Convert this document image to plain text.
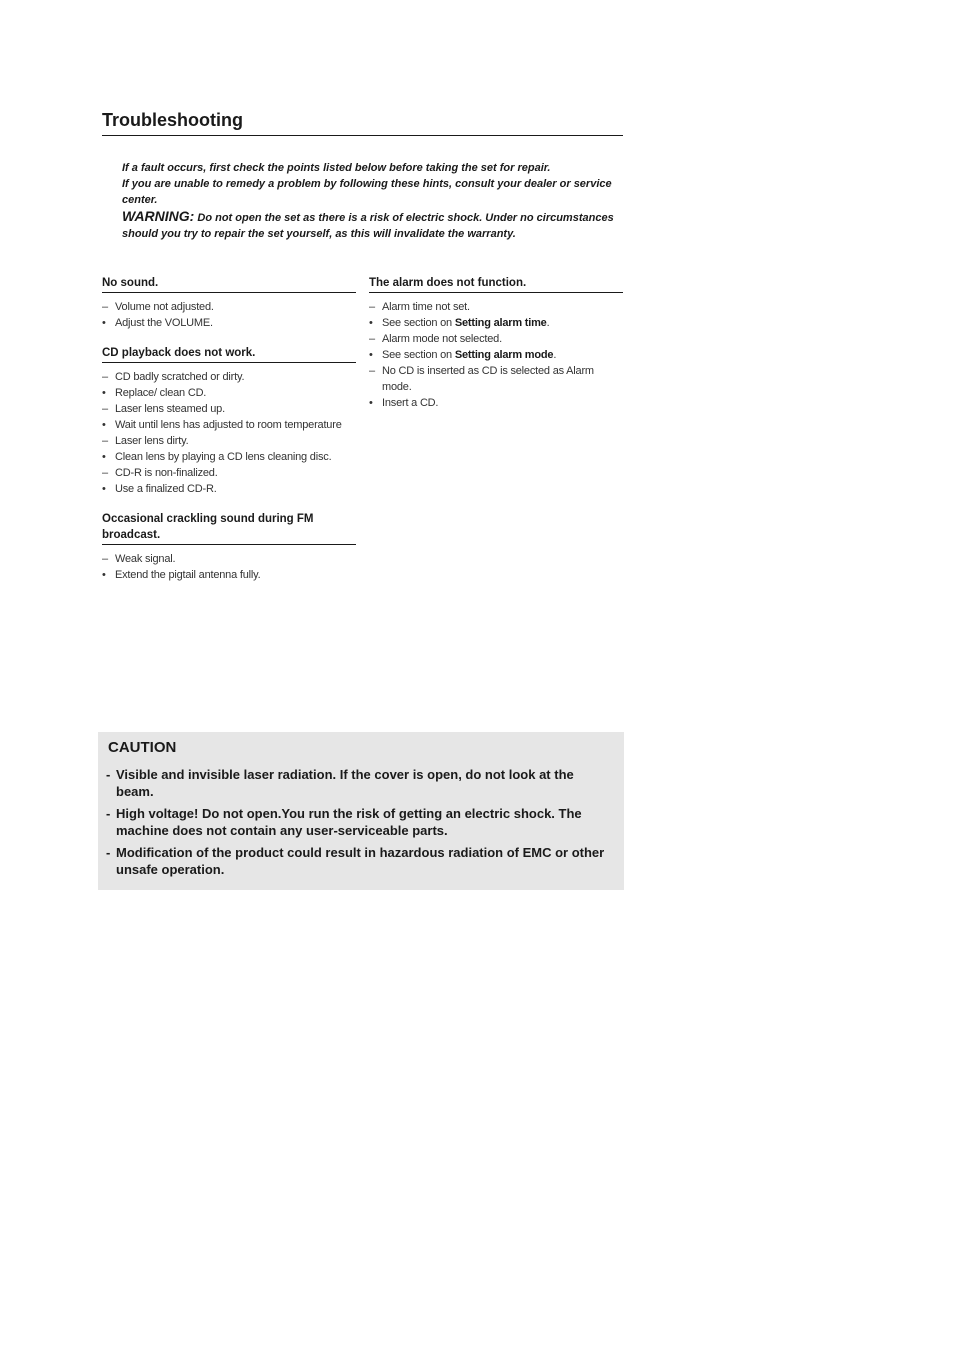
Troubleshooting

If a fault occurs, first check the points listed below before taking the set for repair.

If you are unable to remedy a problem by following these hints, consult your dealer or service center.

WARNING: Do not open the set as there is a risk of electric shock. Under no circumstances should you try to repair the set yourself, as this will invalidate the warranty.

No sound.
– Volume not adjusted.
• Adjust the VOLUME.
CD playback does not work.
– CD badly scratched or dirty.
• Replace/ clean CD.
– Laser lens steamed up.
• Wait until lens has adjusted to room temperature
– Laser lens dirty.
• Clean lens by playing a CD lens cleaning disc.
– CD-R is non-finalized.
• Use a finalized CD-R.
Occasional crackling sound during FM broadcast.
– Weak signal.
• Extend the pigtail antenna fully.
The alarm does not function.
– Alarm time not set.
• See section on Setting alarm time.
– Alarm mode not selected.
• See section on Setting alarm mode.
– No CD is inserted as CD is selected as Alarm mode.
• Insert a CD.
CAUTION
- Visible and invisible laser radiation. If the cover is open, do not look at the beam.
- High voltage! Do not open.You run the risk of getting an electric shock. The machine does not contain any user-serviceable parts.
- Modification of the product could result in hazardous radiation of EMC or other unsafe operation.
